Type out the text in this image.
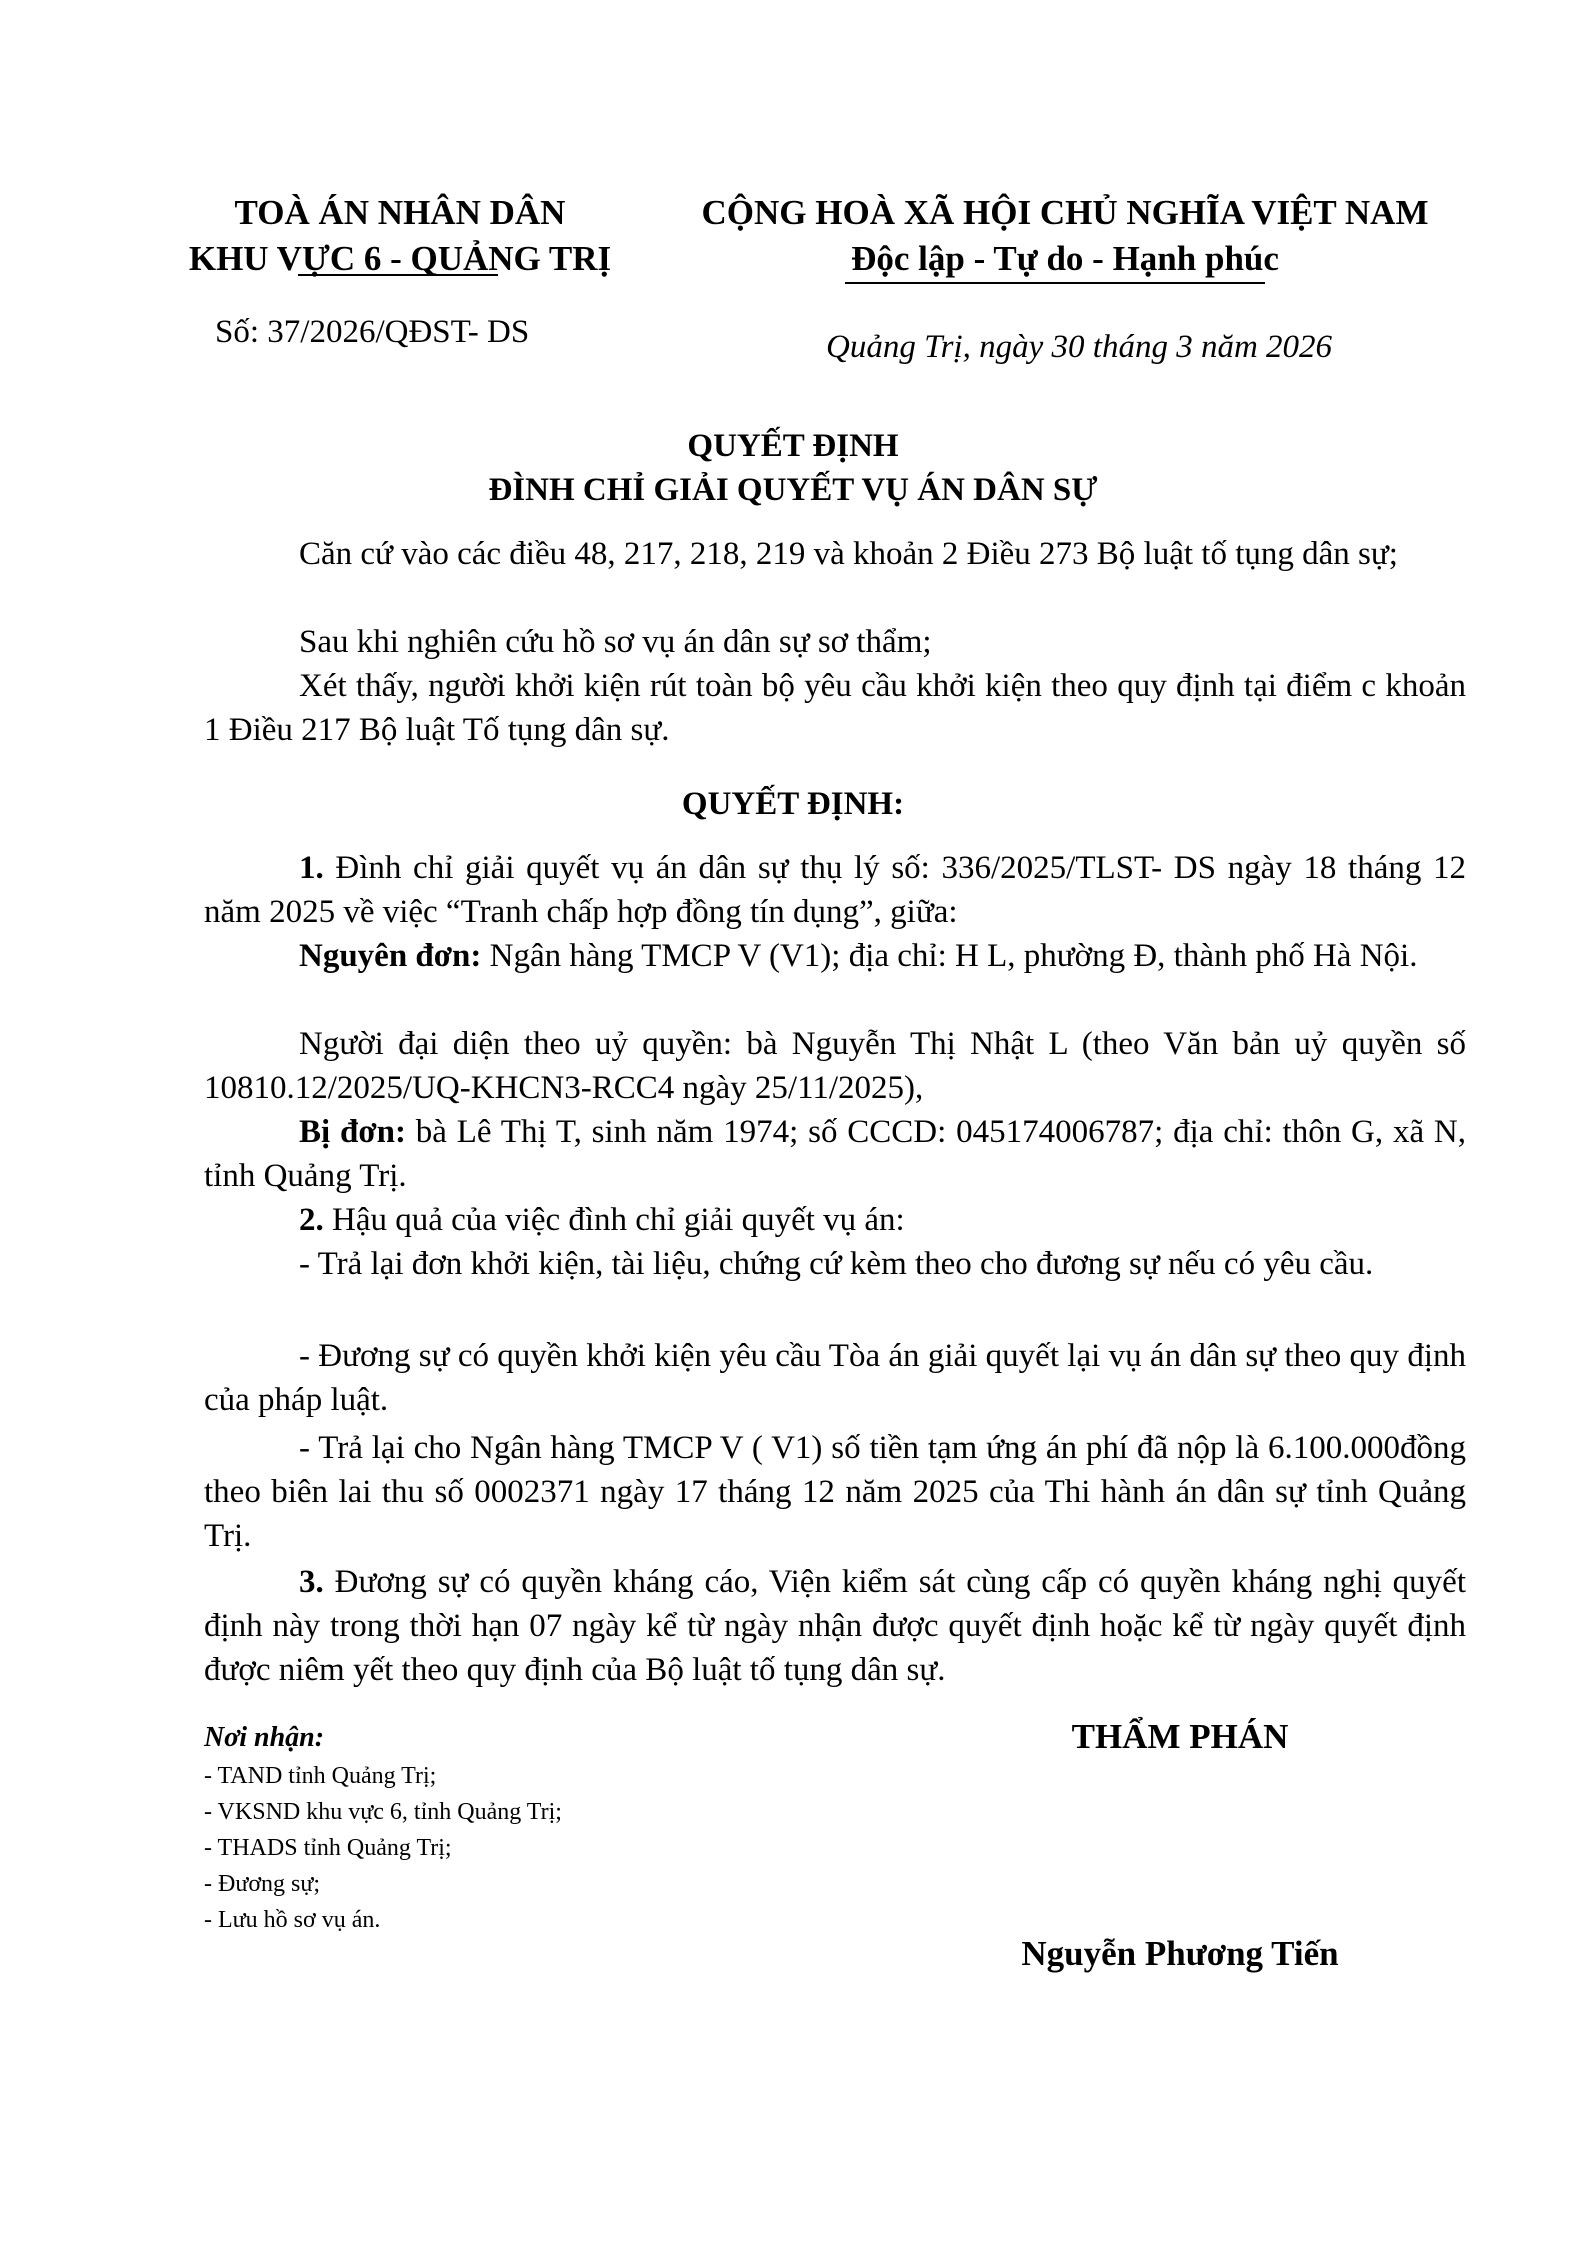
TOÀ ÁN NHÂN DÂN
KHU VỰC 6 - QUẢNG TRỊ
CỘNG HOÀ XÃ HỘI CHỦ NGHĨA VIỆT NAM
Độc lập - Tự do - Hạnh phúc
Số: 37/2026/QĐST- DS	Quảng Trị, ngày 30 tháng 3 năm 2026
QUYẾT ĐỊNH
ĐÌNH CHỈ GIẢI QUYẾT VỤ ÁN DÂN SỰ

Căn cứ vào các điều 48, 217, 218, 219 và khoản 2 Điều 273 Bộ luật tố tụng dân sự;

Sau khi nghiên cứu hồ sơ vụ án dân sự sơ thẩm;

Xét thấy, người khởi kiện rút toàn bộ yêu cầu khởi kiện theo quy định tại điểm c khoản 1 Điều 217 Bộ luật Tố tụng dân sự.

QUYẾT ĐỊNH:

1. Đình chỉ giải quyết vụ án dân sự thụ lý số: 336/2025/TLST- DS ngày 18 tháng 12 năm 2025 về việc “Tranh chấp hợp đồng tín dụng”, giữa:

Nguyên đơn: Ngân hàng TMCP V (V1); địa chỉ: H L, phường Đ, thành phố Hà Nội.

Người đại diện theo uỷ quyền: bà Nguyễn Thị Nhật L (theo Văn bản uỷ quyền số 10810.12/2025/UQ-KHCN3-RCC4 ngày 25/11/2025),

Bị đơn: bà Lê Thị T, sinh năm 1974; số CCCD: 045174006787; địa chỉ: thôn G, xã N, tỉnh Quảng Trị.

2. Hậu quả của việc đình chỉ giải quyết vụ án:

- Trả lại đơn khởi kiện, tài liệu, chứng cứ kèm theo cho đương sự nếu có yêu cầu.

- Đương sự có quyền khởi kiện yêu cầu Tòa án giải quyết lại vụ án dân sự theo quy định của pháp luật.

- Trả lại cho Ngân hàng TMCP V ( V1) số tiền tạm ứng án phí đã nộp là 6.100.000đồng theo biên lai thu số 0002371 ngày 17 tháng 12 năm 2025 của Thi hành án dân sự tỉnh Quảng Trị.

3. Đương sự có quyền kháng cáo, Viện kiểm sát cùng cấp có quyền kháng nghị quyết định này trong thời hạn 07 ngày kể từ ngày nhận được quyết định hoặc kể từ ngày quyết định được niêm yết theo quy định của Bộ luật tố tụng dân sự.

Nơi nhận:
- TAND tỉnh Quảng Trị;
- VKSND khu vực 6, tỉnh Quảng Trị;
- THADS tỉnh Quảng Trị;
- Đương sự;
- Lưu hồ sơ vụ án.
THẨM PHÁN
Nguyễn Phương Tiến
